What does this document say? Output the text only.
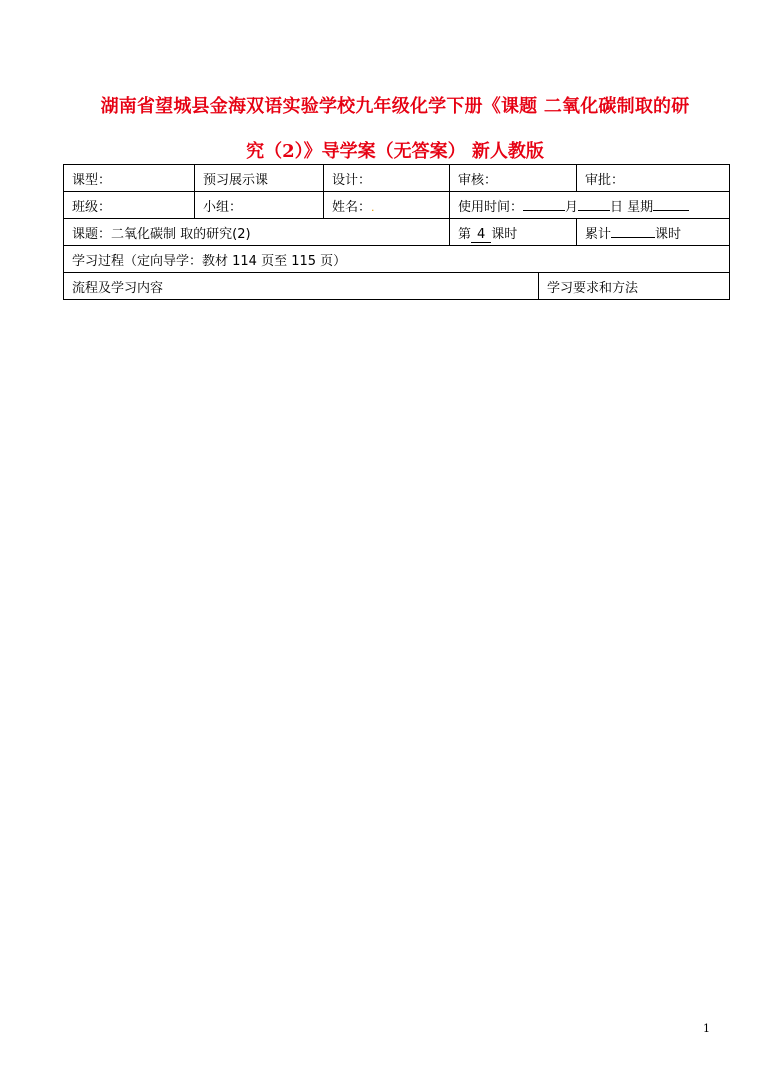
湖南省望城县金海双语实验学校九年级化学下册《课题 二氧化碳制取的研
究（2）》导学案（无答案） 新人教版
课型：	预习展示课	设计：	审核：		审批：
班级：	小组：	姓名：.	使用时间： 月 日 星期		
课题：二氧化碳制 取的研究(2)			第 4 课时		累计 课时
学习过程（定向导学：教材 114 页至 115 页）					
流程及学习内容				学习要求和方法	
1
